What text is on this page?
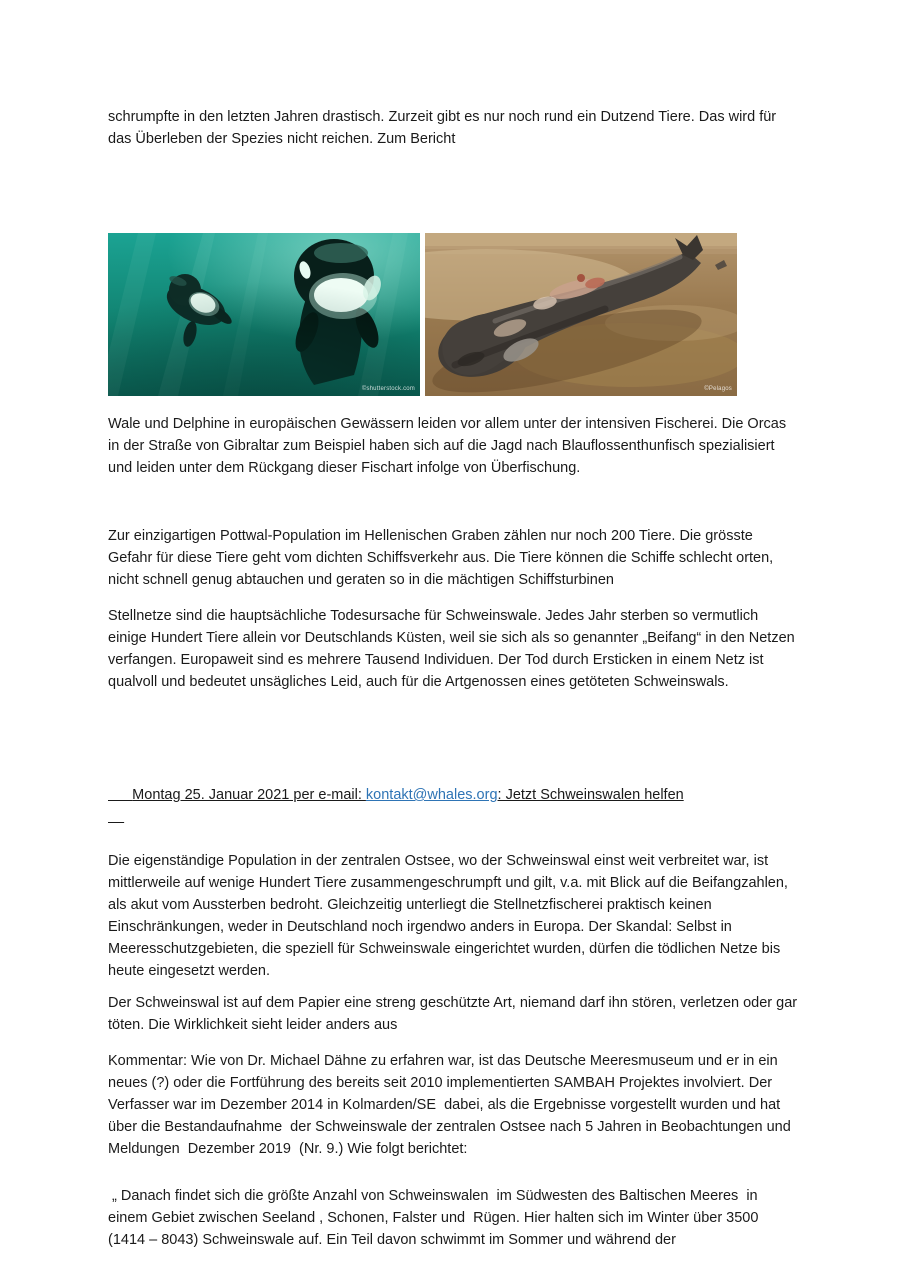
schrumpfte in den letzten Jahren drastisch. Zurzeit gibt es nur noch rund ein Dutzend Tiere. Das wird für das Überleben der Spezies nicht reichen. Zum Bericht

©shutterstock.com	©Pelagos

Wale und Delphine in europäischen Gewässern leiden vor allem unter der intensiven Fischerei. Die Orcas in der Straße von Gibraltar zum Beispiel haben sich auf die Jagd nach Blauflossenthunfisch spezialisiert und leiden unter dem Rückgang dieser Fischart infolge von Überfischung.

Zur einzigartigen Pottwal-Population im Hellenischen Graben zählen nur noch 200 Tiere. Die grösste Gefahr für diese Tiere geht vom dichten Schiffsverkehr aus. Die Tiere können die Schiffe schlecht orten, nicht schnell genug abtauchen und geraten so in die mächtigen Schiffsturbinen

Stellnetze sind die hauptsächliche Todesursache für Schweinswale. Jedes Jahr sterben so vermutlich einige Hundert Tiere allein vor Deutschlands Küsten, weil sie sich als so genannter „Beifang“ in den Netzen verfangen. Europaweit sind es mehrere Tausend Individuen. Der Tod durch Ersticken in einem Netz ist qualvoll und bedeutet unsägliches Leid, auch für die Artgenossen eines getöteten Schweinswals.

Montag 25. Januar 2021 per e-mail: kontakt@whales.org: Jetzt Schweinswalen helfen

Die eigenständige Population in der zentralen Ostsee, wo der Schweinswal einst weit verbreitet war, ist mittlerweile auf wenige Hundert Tiere zusammengeschrumpft und gilt, v.a. mit Blick auf die Beifangzahlen, als akut vom Aussterben bedroht. Gleichzeitig unterliegt die Stellnetzfischerei praktisch keinen Einschränkungen, weder in Deutschland noch irgendwo anders in Europa. Der Skandal: Selbst in Meeresschutzgebieten, die speziell für Schweinswale eingerichtet wurden, dürfen die tödlichen Netze bis heute eingesetzt werden.

Der Schweinswal ist auf dem Papier eine streng geschützte Art, niemand darf ihn stören, verletzen oder gar töten. Die Wirklichkeit sieht leider anders aus

Kommentar: Wie von Dr. Michael Dähne zu erfahren war, ist das Deutsche Meeresmuseum und er in ein neues (?) oder die Fortführung des bereits seit 2010 implementierten SAMBAH Projektes involviert. Der Verfasser war im Dezember 2014 in Kolmarden/SE  dabei, als die Ergebnisse vorgestellt wurden und hat über die Bestandaufnahme  der Schweinswale der zentralen Ostsee nach 5 Jahren in Beobachtungen und Meldungen  Dezember 2019  (Nr. 9.) Wie folgt berichtet:

„ Danach findet sich die größte Anzahl von Schweinswalen  im Südwesten des Baltischen Meeres  in einem Gebiet zwischen Seeland , Schonen, Falster und  Rügen. Hier halten sich im Winter über 3500 (1414 – 8043) Schweinswale auf. Ein Teil davon schwimmt im Sommer und während der
